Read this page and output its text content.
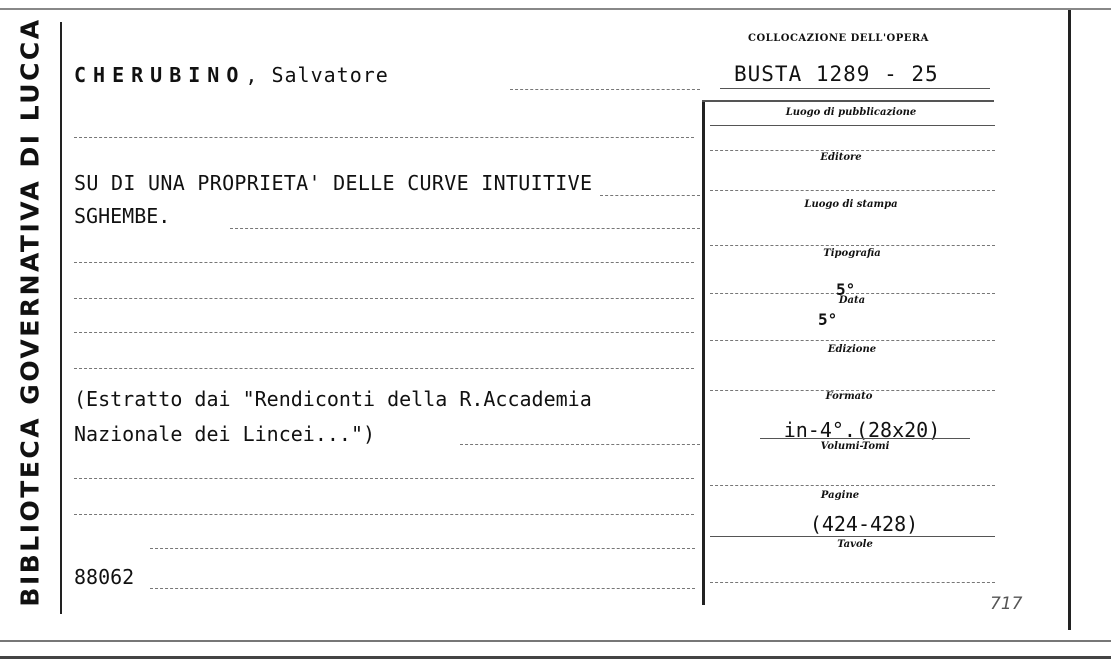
BIBLIOTECA GOVERNATIVA DI LUCCA CHERUBINO, Salvatore
SU DI UNA PROPRIETA' DELLE CURVE INTUITIVE
SGHEMBE.
(Estratto dai "Rendiconti della R.Accademia
Nazionale dei Lincei...")
88062
COLLOCAZIONE DELL'OPERA
BUSTA 1289 - 25
Luogo di pubblicazione
Editore
Luogo di stampa
Tipografia
Data
5°
5°
Edizione
Formato
in-4°.(28x20)
Volumi-Tomi
Pagine
(424-428)
Tavole
717
